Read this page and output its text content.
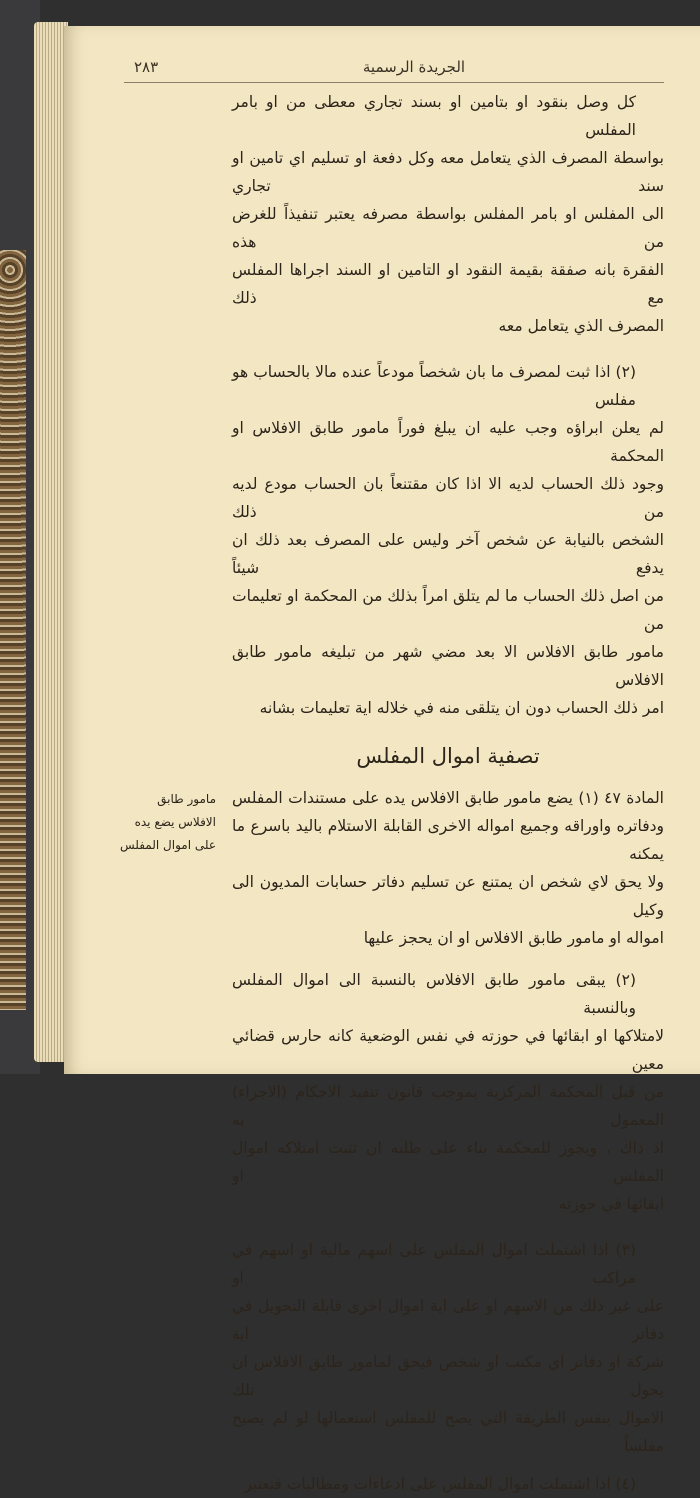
٢٨٣	الجريدة الرسمية
كل وصل بنقود او بتامين او بسند تجاري معطى من او بامر المفلس
بواسطة المصرف الذي يتعامل معه وكل دفعة او تسليم اي تامين او سند تجاري
الى المفلس او بامر المفلس بواسطة مصرفه يعتبر تنفيذاً للغرض من هذه
الفقرة بانه صفقة بقيمة النقود او التامين او السند اجراها المفلس مع ذلك
المصرف الذي يتعامل معه
(٢) اذا ثبت لمصرف ما بان شخصاً مودعاً عنده مالا بالحساب هو مفلس
لم يعلن ابراؤه وجب عليه ان يبلغ فوراً مامور طابق الافلاس او المحكمة
وجود ذلك الحساب لديه الا اذا كان مقتنعاً بان الحساب مودع لديه من ذلك
الشخص بالنيابة عن شخص آخر وليس على المصرف بعد ذلك ان يدفع شيئاً
من اصل ذلك الحساب ما لم يتلق امراً بذلك من المحكمة او تعليمات من
مامور طابق الافلاس الا بعد مضي شهر من تبليغه مامور طابق الافلاس
امر ذلك الحساب دون ان يتلقى منه في خلاله اية تعليمات بشانه
تصفية اموال المفلس
مامور طابق
الافلاس يضع يده
على اموال المفلس
المادة ٤٧ (١) يضع مامور طابق الافلاس يده على مستندات المفلس
ودفاتره واوراقه وجميع امواله الاخرى القابلة الاستلام باليد باسرع ما يمكنه
ولا يحق لاي شخص ان يمتنع عن تسليم دفاتر حسابات المديون الى وكيل
امواله او مامور طابق الافلاس او ان يحجز عليها
(٢) يبقى مامور طابق الافلاس بالنسبة الى اموال المفلس وبالنسبة
لامتلاكها او ابقائها في حوزته في نفس الوضعية كانه حارس قضائي معين
من قبل المحكمة المركزية بموجب قانون تنفيذ الاحكام (الاجراء) المعمول به
اذ ذاك ، ويجوز للمحكمة بناء على طلبه ان تثبت امتلاكه اموال المفلس او
ابقائها في حوزته
(٣) اذا اشتملت اموال المفلس على اسهم مالية او اسهم في مراكب او
على غير ذلك من الاسهم او على اية اموال اخرى قابلة التحويل في دفاتر اية
شركة او دفاتر اي مكتب او شخص فيحق لمامور طابق الافلاس ان يحول تلك
الاموال بنفس الطريقة التي يصح للمفلس استعمالها لو لم يصبح مفلساً
(٤) اذا اشتملت اموال المفلس على ادعاءات ومطالبات فتعتبر
